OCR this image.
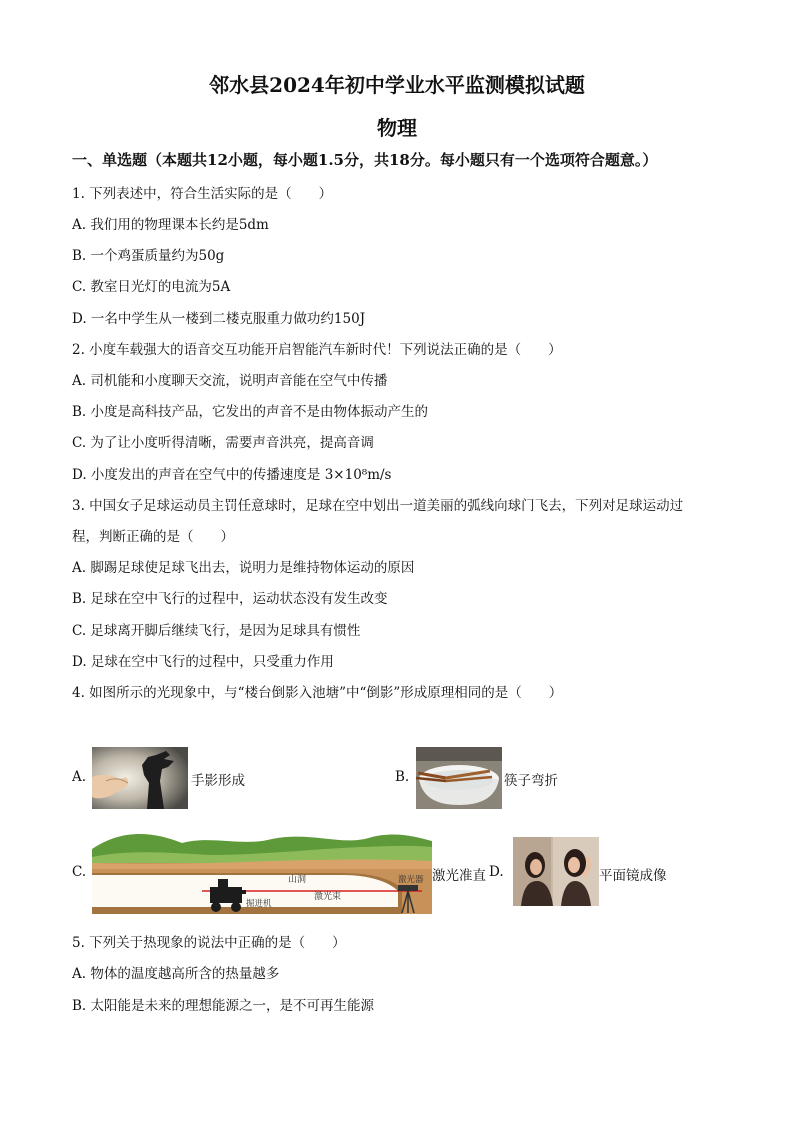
邻水县2024年初中学业水平监测模拟试题
物理
一、单选题（本题共12小题，每小题1.5分，共18分。每小题只有一个选项符合题意。）
1. 下列表述中，符合生活实际的是（　　）
A. 我们用的物理课本长约是5dm
B. 一个鸡蛋质量约为50g
C. 教室日光灯的电流为5A
D. 一名中学生从一楼到二楼克服重力做功约150J
2. 小度车载强大的语音交互功能开启智能汽车新时代！下列说法正确的是（　　）
A. 司机能和小度聊天交流，说明声音能在空气中传播
B. 小度是高科技产品，它发出的声音不是由物体振动产生的
C. 为了让小度听得清晰，需要声音洪亮，提高音调
D. 小度发出的声音在空气中的传播速度是 3×10⁸m/s
3. 中国女子足球运动员主罚任意球时，足球在空中划出一道美丽的弧线向球门飞去，下列对足球运动过
程，判断正确的是（　　）
A. 脚踢足球使足球飞出去，说明力是维持物体运动的原因
B. 足球在空中飞行的过程中，运动状态没有发生改变
C. 足球离开脚后继续飞行，是因为足球具有惯性
D. 足球在空中飞行的过程中，只受重力作用
4. 如图所示的光现象中，与“楼台倒影入池塘”中“倒影”形成原理相同的是（　　）
A.	手影形成	B.	筷子弯折
C.	山洞	激光器
激光束
掘进机
激光准直 D.	平面镜成像
5. 下列关于热现象的说法中正确的是（　　）
A. 物体的温度越高所含的热量越多
B. 太阳能是未来的理想能源之一，是不可再生能源
